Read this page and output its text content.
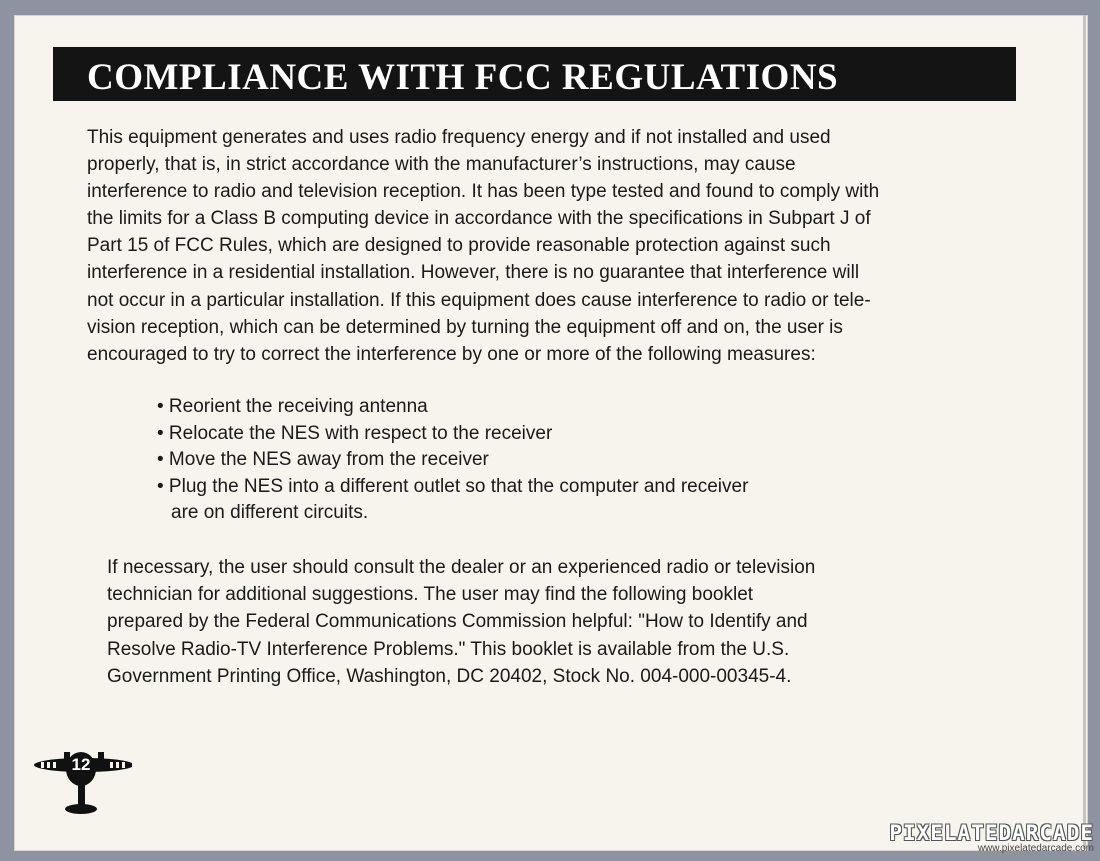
COMPLIANCE WITH FCC REGULATIONS

This equipment generates and uses radio frequency energy and if not installed and used
properly, that is, in strict accordance with the manufacturer’s instructions, may cause
interference to radio and television reception. It has been type tested and found to comply with
the limits for a Class B computing device in accordance with the specifications in Subpart J of
Part 15 of FCC Rules, which are designed to provide reasonable protection against such
interference in a residential installation. However, there is no guarantee that interference will
not occur in a particular installation. If this equipment does cause interference to radio or tele-
vision reception, which can be determined by turning the equipment off and on, the user is
encouraged to try to correct the interference by one or more of the following measures:

• Reorient the receiving antenna
• Relocate the NES with respect to the receiver
• Move the NES away from the receiver
• Plug the NES into a different outlet so that the computer and receiver
are on different circuits.

If necessary, the user should consult the dealer or an experienced radio or television
technician for additional suggestions. The user may find the following booklet
prepared by the Federal Communications Commission helpful: "How to Identify and
Resolve Radio-TV Interference Problems." This booklet is available from the U.S.
Government Printing Office, Washington, DC 20402, Stock No. 004-000-00345-4.

12
PIXELATEDARCADE
www.pixelatedarcade.com
